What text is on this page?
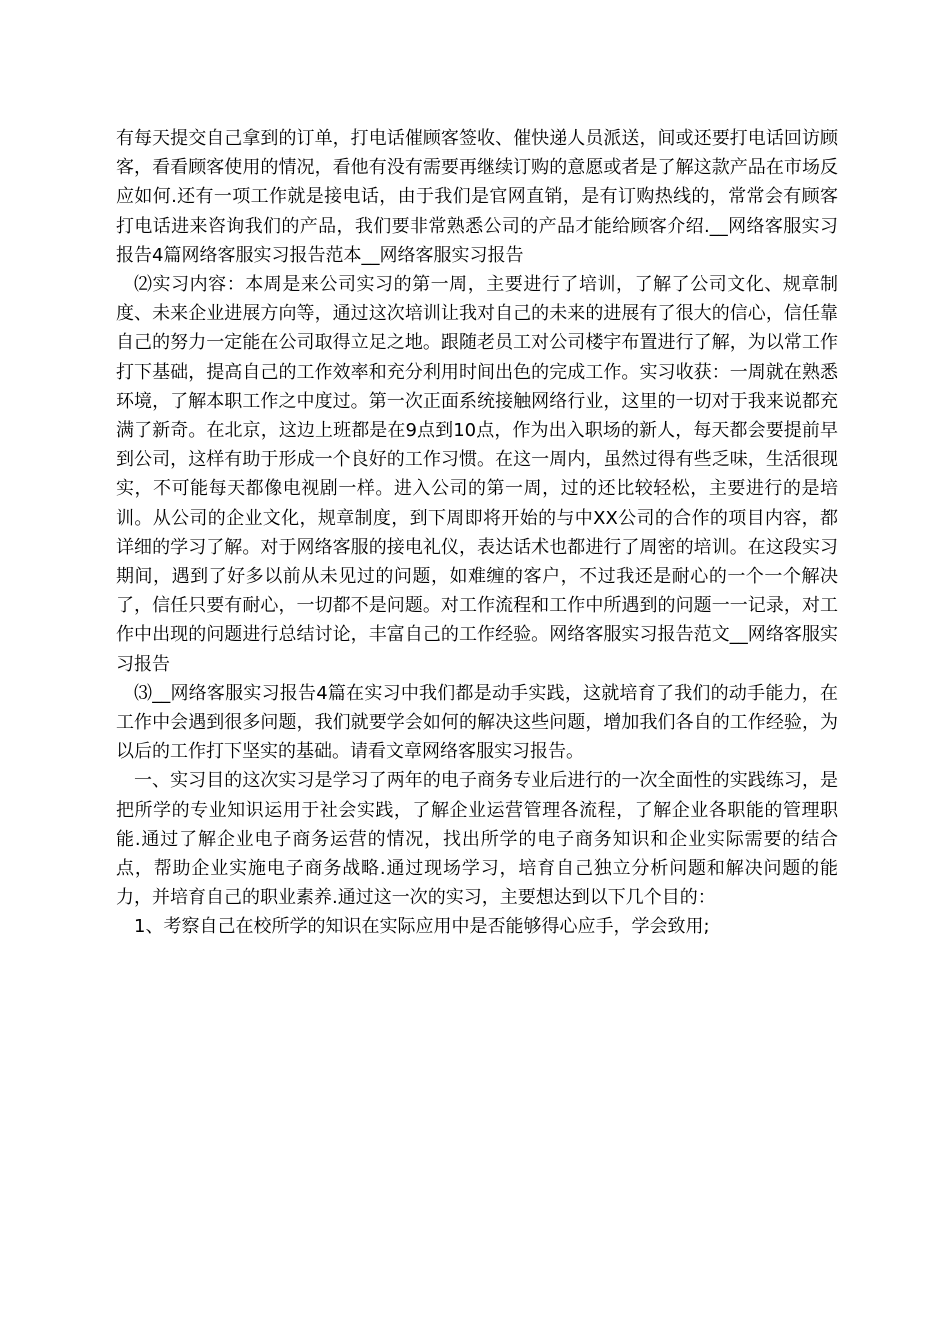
有每天提交自己拿到的订单，打电话催顾客签收、催快递人员派送，间或还要打电话回访顾客，看看顾客使用的情况，看他有没有需要再继续订购的意愿或者是了解这款产品在市场反应如何.还有一项工作就是接电话，由于我们是官网直销，是有订购热线的，常常会有顾客打电话进来咨询我们的产品，我们要非常熟悉公司的产品才能给顾客介绍.__网络客服实习报告4篇网络客服实习报告范本__网络客服实习报告

⑵实习内容：本周是来公司实习的第一周，主要进行了培训，了解了公司文化、规章制度、未来企业进展方向等，通过这次培训让我对自己的未来的进展有了很大的信心，信任靠自己的努力一定能在公司取得立足之地。跟随老员工对公司楼宇布置进行了解，为以常工作打下基础，提高自己的工作效率和充分利用时间出色的完成工作。实习收获：一周就在熟悉环境，了解本职工作之中度过。第一次正面系统接触网络行业，这里的一切对于我来说都充满了新奇。在北京，这边上班都是在9点到10点，作为出入职场的新人，每天都会要提前早到公司，这样有助于形成一个良好的工作习惯。在这一周内，虽然过得有些乏味，生活很现实，不可能每天都像电视剧一样。进入公司的第一周，过的还比较轻松，主要进行的是培训。从公司的企业文化，规章制度，到下周即将开始的与中XX公司的合作的项目内容，都详细的学习了解。对于网络客服的接电礼仪，表达话术也都进行了周密的培训。在这段实习期间，遇到了好多以前从未见过的问题，如难缠的客户，不过我还是耐心的一个一个解决了，信任只要有耐心，一切都不是问题。对工作流程和工作中所遇到的问题一一记录，对工作中出现的问题进行总结讨论，丰富自己的工作经验。网络客服实习报告范文__网络客服实习报告

⑶__网络客服实习报告4篇在实习中我们都是动手实践，这就培育了我们的动手能力，在工作中会遇到很多问题，我们就要学会如何的解决这些问题，增加我们各自的工作经验，为以后的工作打下坚实的基础。请看文章网络客服实习报告。

一、实习目的这次实习是学习了两年的电子商务专业后进行的一次全面性的实践练习，是把所学的专业知识运用于社会实践，了解企业运营管理各流程，了解企业各职能的管理职能.通过了解企业电子商务运营的情况，找出所学的电子商务知识和企业实际需要的结合点，帮助企业实施电子商务战略.通过现场学习，培育自己独立分析问题和解决问题的能力，并培育自己的职业素养.通过这一次的实习，主要想达到以下几个目的：

1、考察自己在校所学的知识在实际应用中是否能够得心应手，学会致用;
